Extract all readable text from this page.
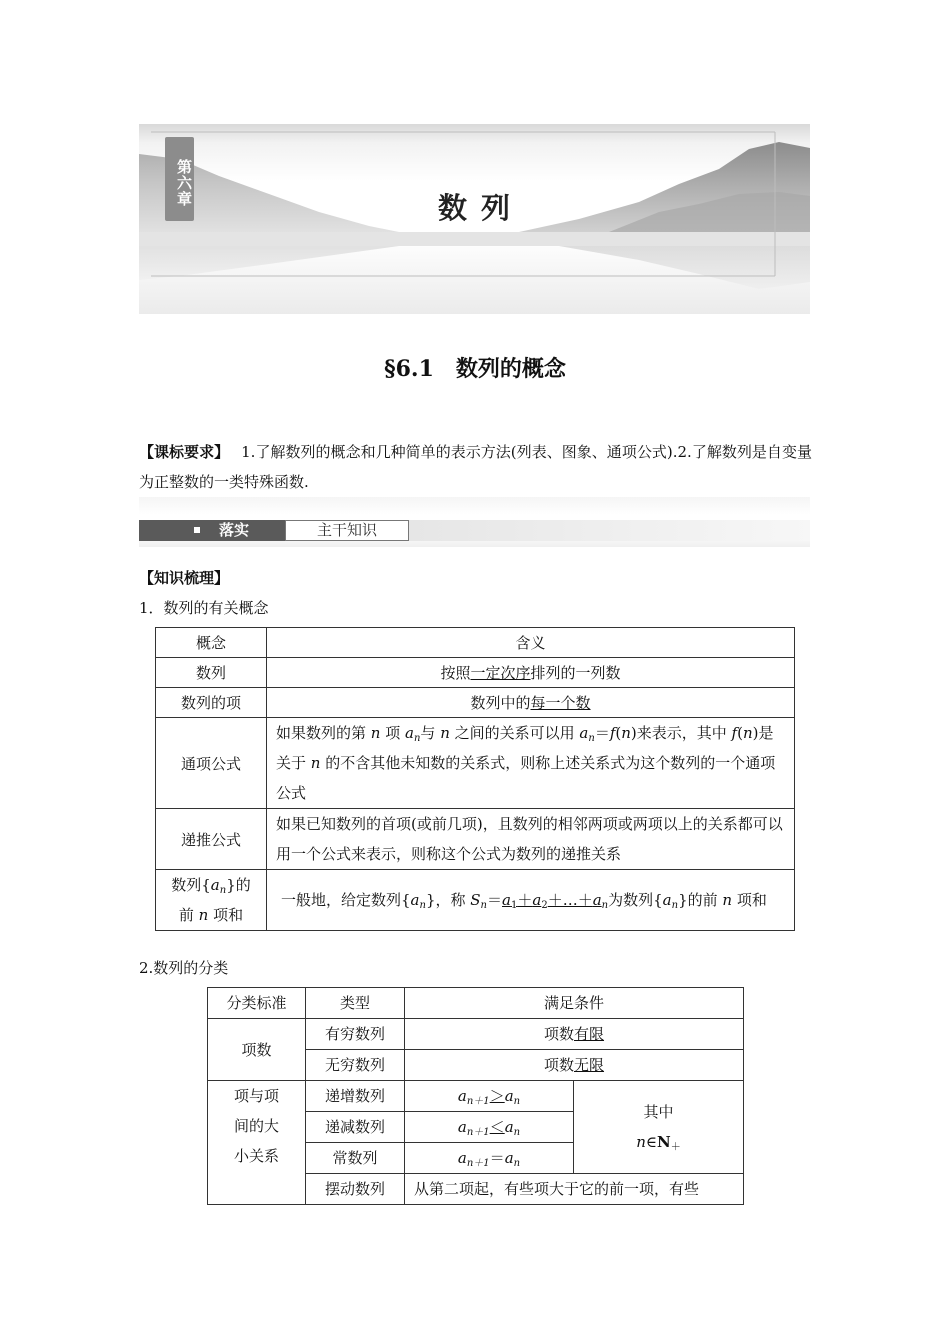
第六章
数 列
§6.1 数列的概念
【课标要求】 1.了解数列的概念和几种简单的表示方法(列表、图象、通项公式).2.了解数列是自变量为正整数的一类特殊函数.
落实	主干知识
【知识梳理】
1．数列的有关概念
概念	含义
数列	按照一定次序排列的一列数
数列的项	数列中的每一个数
通项公式	如果数列的第 n 项 $a_n$与 n 之间的关系可以用 $a_n=f(n)$来表示，其中 f(n)是关于 n 的不含其他未知数的关系式，则称上述关系式为这个数列的一个通项公式
递推公式	如果已知数列的首项(或前几项)，且数列的相邻两项或两项以上的关系都可以用一个公式来表示，则称这个公式为数列的递推关系
数列$\{a_n\}$的
前 n 项和	一般地，给定数列$\{a_n\}$，称 $S_n=a_1+a_2+\dots+a_n$为数列$\{a_n\}$的前 n 项和
2.数列的分类
分类标准	类型	满足条件	
项数	有穷数列	项数有限	
	无穷数列	项数无限	
项与项
间的大
小关系	递增数列	$a_{n+1}>a_n$	其中
$n\in N_+$
	递减数列	$a_{n+1}<a_n$
	常数列	$a_{n+1}=a_n$
	摆动数列	从第二项起，有些项大于它的前一项，有些	
